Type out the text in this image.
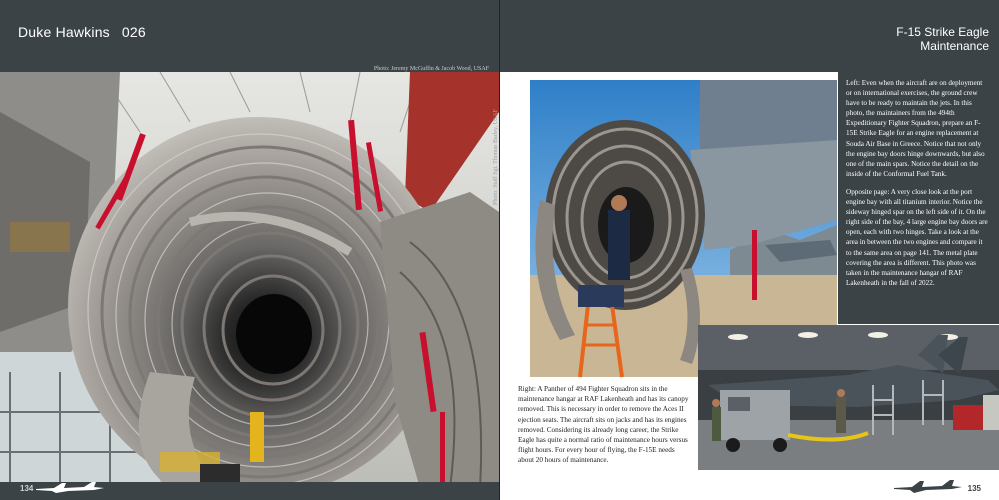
Duke Hawkins 026
Photo: Jeremy McGuffin & Jacob Wood, USAF
134
F-15 Strike Eagle
Maintenance
Photo: Staff Sgt. Thomas Barley, USAF

Left: Even when the aircraft are on deployment or on international exercises, the ground crew have to be ready to maintain the jets. In this photo, the maintainers from the 494th Expeditionary Fighter Squadron, prepare an F-15E Strike Eagle for an engine replacement at Souda Air Base in Greece. Notice that not only the engine bay doors hinge downwards, but also one of the main spars. Notice the detail on the inside of the Conformal Fuel Tank.

Opposite page: A very close look at the port engine bay with all titanium interior. Notice the sideway hinged spar on the left side of it. On the right side of the bay, 4 large engine bay doors are open, each with two hinges. Take a look at the area in between the two engines and compare it to the same area on page 141. The metal plate covering the area is different. This photo was taken in the maintenance hangar of RAF Lakenheath in the fall of 2022.

Right: A Panther of 494 Fighter Squadron sits in the maintenance hangar at RAF Lakenheath and has its canopy removed. This is necessary in order to remove the Aces II ejection seats. The aircraft sits on jacks and has its engines removed. Considering its already long career, the Strike Eagle has quite a normal ratio of maintenance hours versus flight hours. For every hour of flying, the F-15E needs about 20 hours of maintenance.

135
